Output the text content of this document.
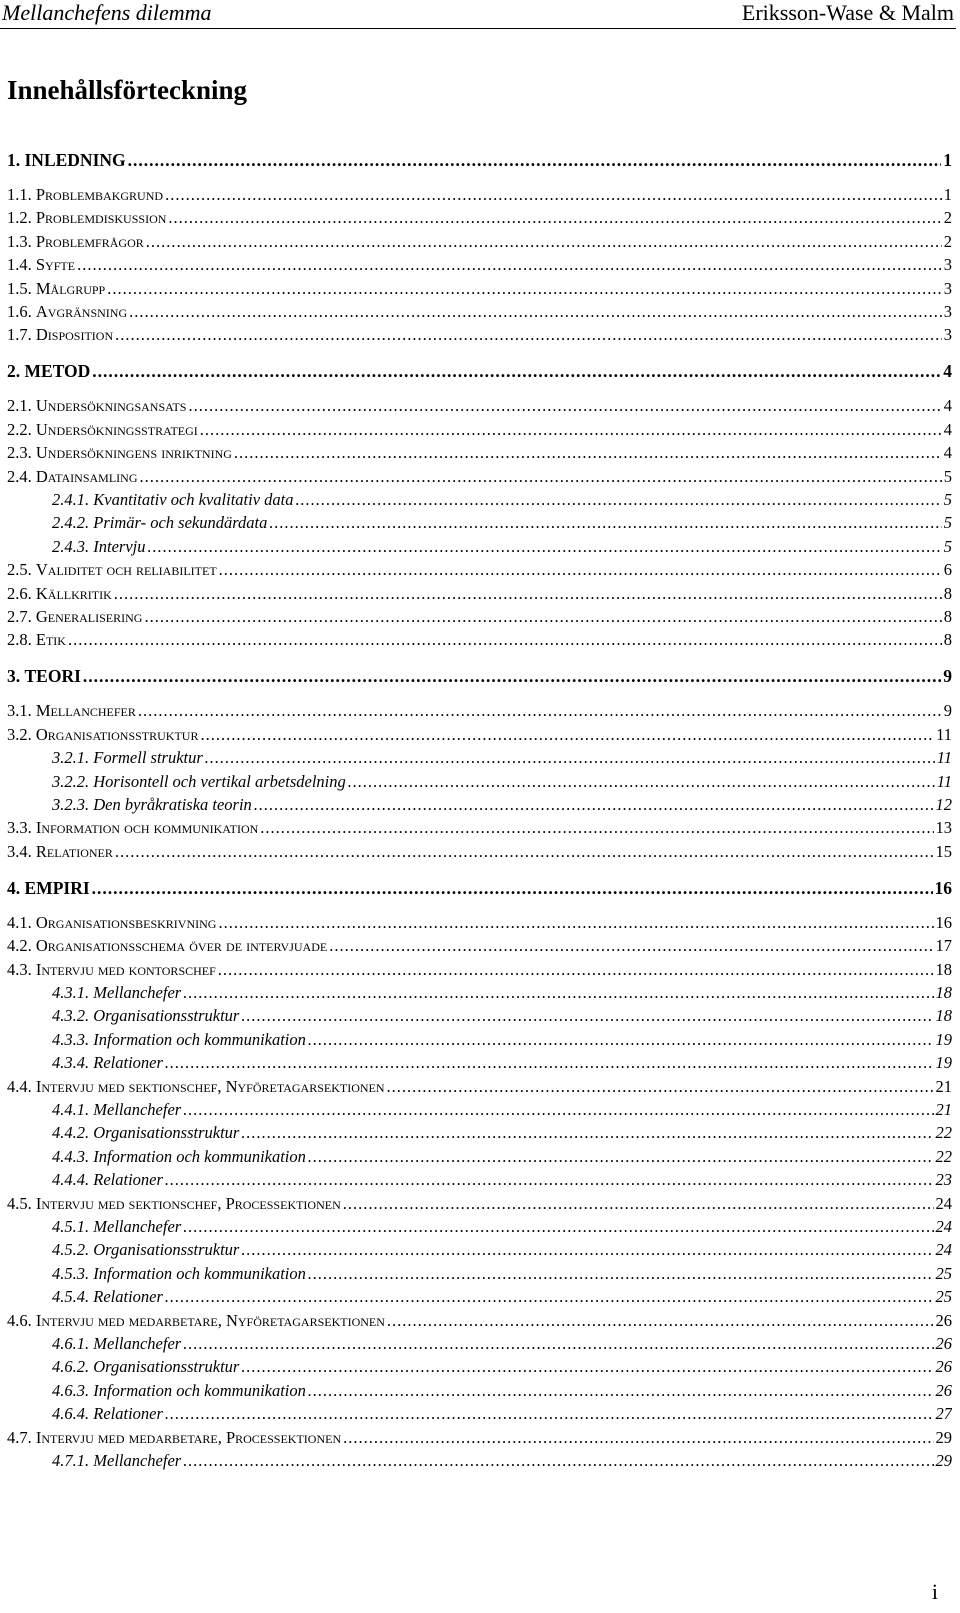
Mellanchefens dilemma	Eriksson-Wase & Malm
Innehållsförteckning
1. INLEDNING .....	1
1.1. Problembakgrund .....	1
1.2. Problemdiskussion .....	2
1.3. Problemfrågor .....	2
1.4. Syfte .....	3
1.5. Målgrupp .....	3
1.6. Avgränsning .....	3
1.7. Disposition .....	3
2. METOD .....	4
2.1. Undersökningsansats .....	4
2.2. Undersökningsstrategi .....	4
2.3. Undersökningens inriktning .....	4
2.4. Datainsamling .....	5
2.4.1. Kvantitativ och kvalitativ data .....	5
2.4.2. Primär- och sekundärdata .....	5
2.4.3. Intervju .....	5
2.5. Validitet och reliabilitet .....	6
2.6. Källkritik .....	8
2.7. Generalisering .....	8
2.8. Etik .....	8
3. TEORI .....	9
3.1. Mellanchefer .....	9
3.2. Organisationsstruktur .....	11
3.2.1. Formell struktur .....	11
3.2.2. Horisontell och vertikal arbetsdelning .....	11
3.2.3. Den byråkratiska teorin .....	12
3.3. Information och kommunikation .....	13
3.4. Relationer .....	15
4. EMPIRI .....	16
4.1. Organisationsbeskrivning .....	16
4.2. Organisationsschema över de intervjuade .....	17
4.3. Intervju med kontorschef .....	18
4.3.1. Mellanchefer .....	18
4.3.2. Organisationsstruktur .....	18
4.3.3. Information och kommunikation .....	19
4.3.4. Relationer .....	19
4.4. Intervju med sektionschef, Nyföretagarsektionen .....	21
4.4.1. Mellanchefer .....	21
4.4.2. Organisationsstruktur .....	22
4.4.3. Information och kommunikation .....	22
4.4.4. Relationer .....	23
4.5. Intervju med sektionschef, Processektionen .....	24
4.5.1. Mellanchefer .....	24
4.5.2. Organisationsstruktur .....	24
4.5.3. Information och kommunikation .....	25
4.5.4. Relationer .....	25
4.6. Intervju med medarbetare, Nyföretagarsektionen .....	26
4.6.1. Mellanchefer .....	26
4.6.2. Organisationsstruktur .....	26
4.6.3. Information och kommunikation .....	26
4.6.4. Relationer .....	27
4.7. Intervju med medarbetare, Processektionen .....	29
4.7.1. Mellanchefer .....	29
i
